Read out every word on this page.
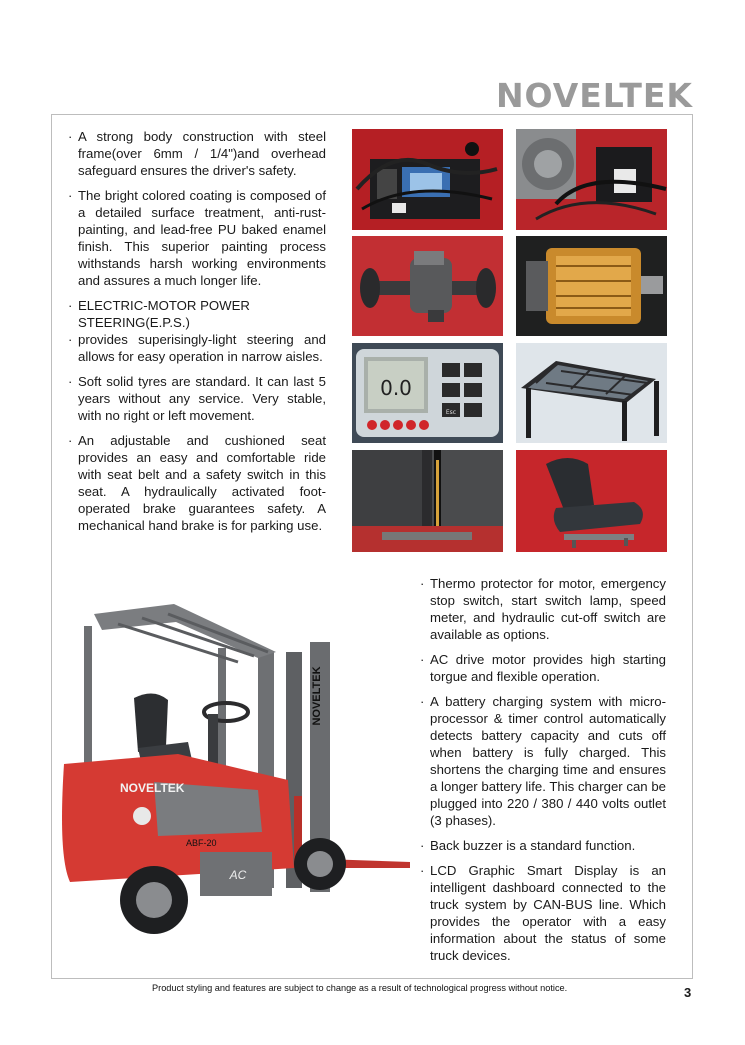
NOVELTEK

· A strong body construction with steel frame(over 6mm / 1/4")and overhead safeguard ensures the driver's safety.

· The bright colored coating is composed of a detailed surface treatment, anti-rust-painting, and lead-free PU baked enamel finish. This superior painting process withstands harsh working environments and assures a much longer life.

· ELECTRIC-MOTOR POWER STEERING(E.P.S.)

· provides superisingly-light steering and allows for easy operation in narrow aisles.

· Soft solid tyres are standard. It can last 5 years without any service. Very stable, with no right or left movement.

· An adjustable and cushioned seat provides an easy and comfortable ride with seat belt and a safety switch in this seat. A hydraulically activated foot-operated brake guarantees safety. A mechanical hand brake is for parking use.

0.0
Esc
NOVELTEK
NOVELTEK
ABF-20
AC

· Thermo protector for motor, emergency stop switch, start switch lamp, speed meter, and hydraulic cut-off switch are available as options.

· AC drive motor provides high starting torgue and flexible operation.

· A battery charging system with micro-processor & timer control automatically detects battery capacity and cuts off when battery is fully charged. This shortens the charging time and ensures a longer battery life. This charger can be plugged into 220 / 380 / 440 volts outlet (3 phases).

· Back buzzer is a standard function.

· LCD Graphic Smart Display is an intelligent dashboard connected to the truck system by CAN-BUS line. Which provides the operator with a easy information about the status of some truck devices.

Product styling and features are subject to change as a result of technological progress without notice.	3
